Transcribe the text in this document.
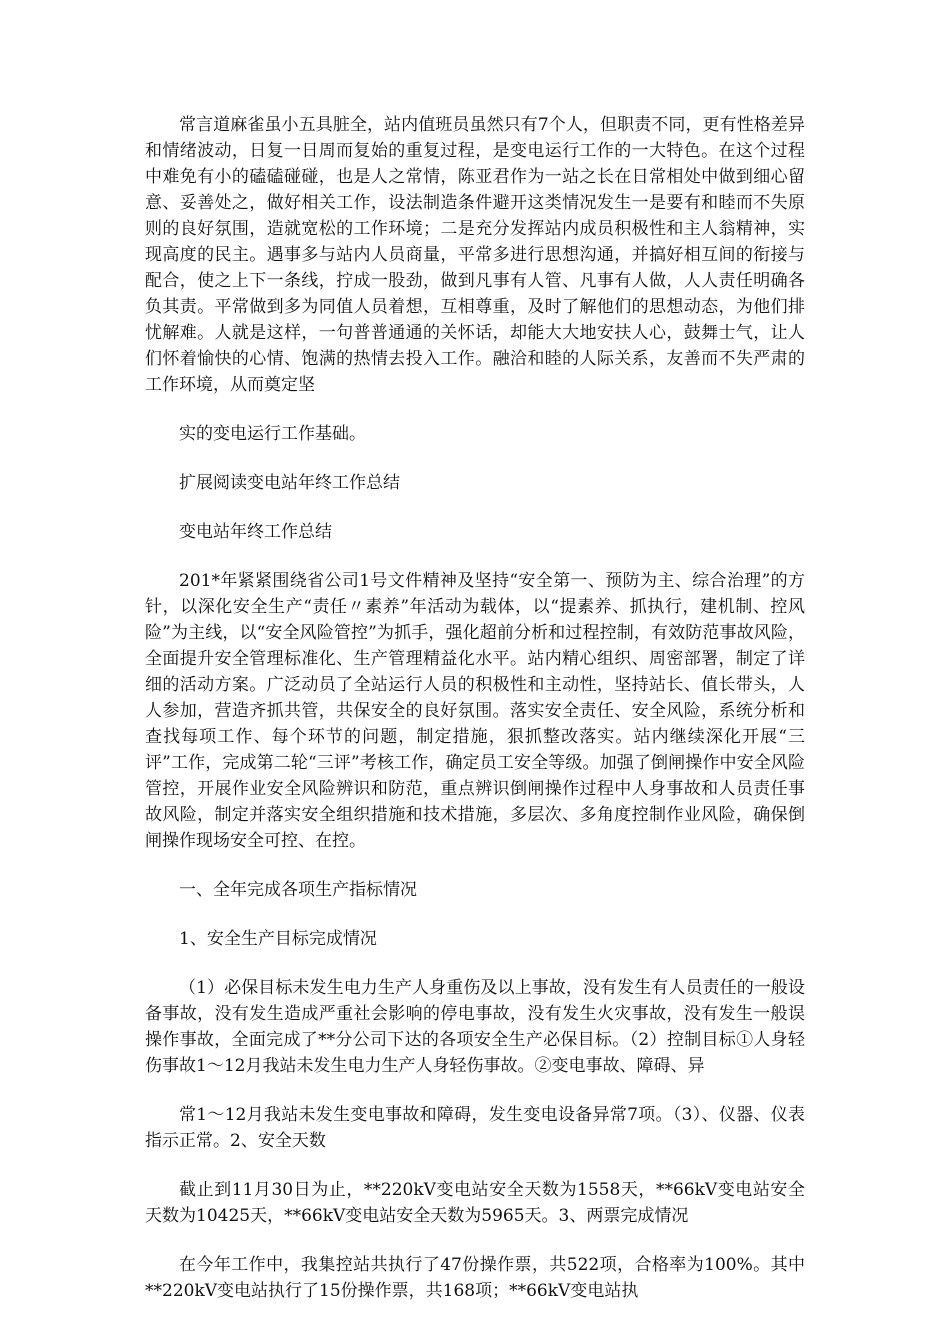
常言道麻雀虽小五具脏全，站内值班员虽然只有7个人，但职责不同，更有性格差异和情绪波动，日复一日周而复始的重复过程，是变电运行工作的一大特色。在这个过程中难免有小的磕磕碰碰，也是人之常情，陈亚君作为一站之长在日常相处中做到细心留意、妥善处之，做好相关工作，设法制造条件避开这类情况发生一是要有和睦而不失原则的良好氛围，造就宽松的工作环境；二是充分发挥站内成员积极性和主人翁精神，实现高度的民主。遇事多与站内人员商量，平常多进行思想沟通，并搞好相互间的衔接与配合，使之上下一条线，拧成一股劲，做到凡事有人管、凡事有人做，人人责任明确各负其责。平常做到多为同值人员着想，互相尊重，及时了解他们的思想动态，为他们排忧解难。人就是这样，一句普普通通的关怀话，却能大大地安扶人心，鼓舞士气，让人们怀着愉快的心情、饱满的热情去投入工作。融洽和睦的人际关系，友善而不失严肃的工作环境，从而奠定坚

实的变电运行工作基础。

扩展阅读变电站年终工作总结

变电站年终工作总结

201*年紧紧围绕省公司1号文件精神及坚持“安全第一、预防为主、综合治理”的方针，以深化安全生产“责任〃素养”年活动为载体，以“提素养、抓执行，建机制、控风险”为主线，以“安全风险管控”为抓手，强化超前分析和过程控制，有效防范事故风险，全面提升安全管理标准化、生产管理精益化水平。站内精心组织、周密部署，制定了详细的活动方案。广泛动员了全站运行人员的积极性和主动性，坚持站长、值长带头，人人参加，营造齐抓共管，共保安全的良好氛围。落实安全责任、安全风险，系统分析和查找每项工作、每个环节的问题，制定措施，狠抓整改落实。站内继续深化开展“三评”工作，完成第二轮“三评”考核工作，确定员工安全等级。加强了倒闸操作中安全风险管控，开展作业安全风险辨识和防范，重点辨识倒闸操作过程中人身事故和人员责任事故风险，制定并落实安全组织措施和技术措施，多层次、多角度控制作业风险，确保倒闸操作现场安全可控、在控。

一、全年完成各项生产指标情况

1、安全生产目标完成情况

（1）必保目标未发生电力生产人身重伤及以上事故，没有发生有人员责任的一般设备事故，没有发生造成严重社会影响的停电事故，没有发生火灾事故，没有发生一般误操作事故，全面完成了**分公司下达的各项安全生产必保目标。（2）控制目标①人身轻伤事故1～12月我站未发生电力生产人身轻伤事故。②变电事故、障碍、异

常1～12月我站未发生变电事故和障碍，发生变电设备异常7项。（3）、仪器、仪表指示正常。2、安全天数

截止到11月30日为止，**220kV变电站安全天数为1558天，**66kV变电站安全天数为10425天，**66kV变电站安全天数为5965天。3、两票完成情况

在今年工作中，我集控站共执行了47份操作票，共522项，合格率为100%。其中**220kV变电站执行了15份操作票，共168项；**66kV变电站执
